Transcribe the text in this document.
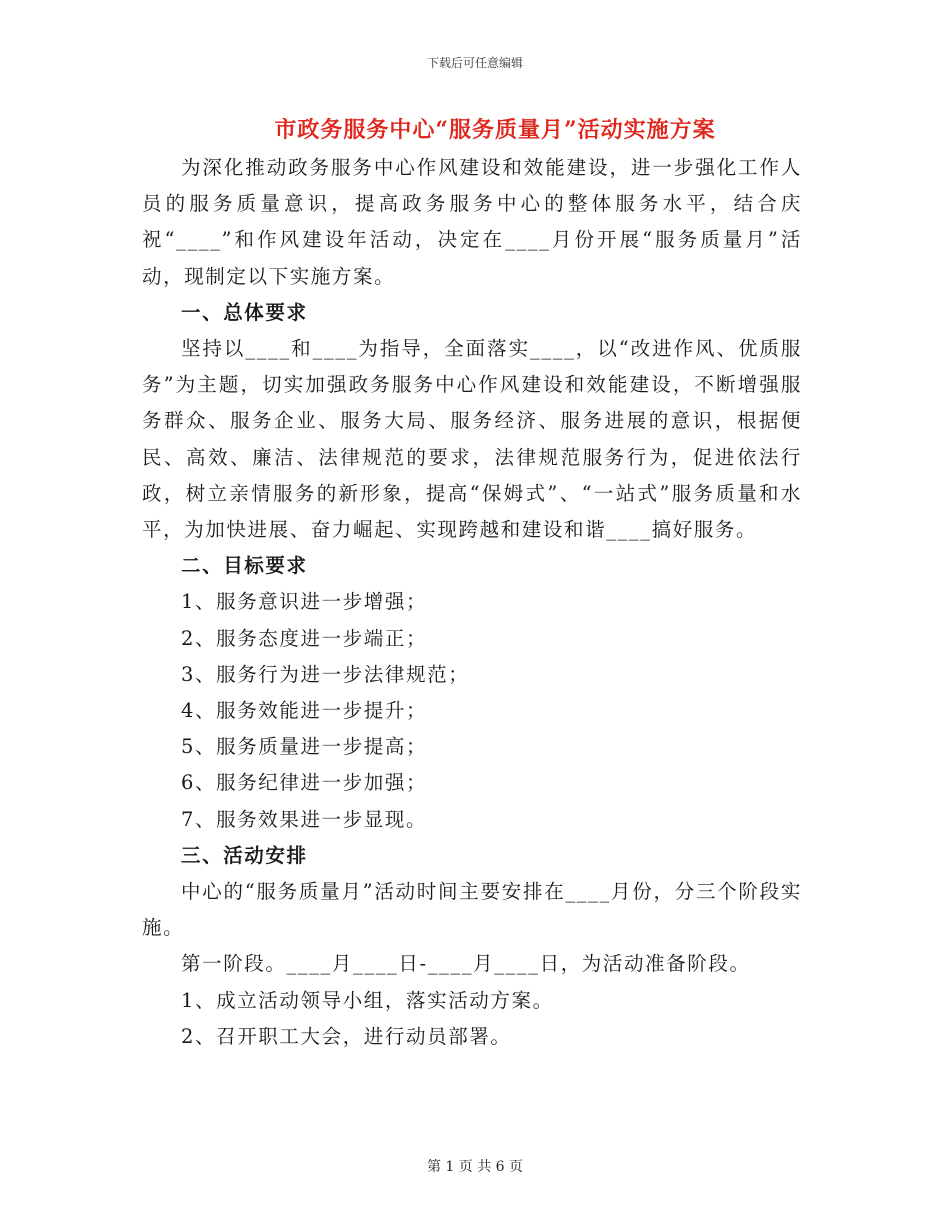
下载后可任意编辑
市政务服务中心“服务质量月”活动实施方案

为深化推动政务服务中心作风建设和效能建设，进一步强化工作人员的服务质量意识，提高政务服务中心的整体服务水平，结合庆祝“____”和作风建设年活动，决定在____月份开展“服务质量月”活动，现制定以下实施方案。

一、总体要求

坚持以____和____为指导，全面落实____，以“改进作风、优质服务”为主题，切实加强政务服务中心作风建设和效能建设，不断增强服务群众、服务企业、服务大局、服务经济、服务进展的意识，根据便民、高效、廉洁、法律规范的要求，法律规范服务行为，促进依法行政，树立亲情服务的新形象，提高“保姆式”、“一站式”服务质量和水平，为加快进展、奋力崛起、实现跨越和建设和谐____搞好服务。

二、目标要求

1、服务意识进一步增强；

2、服务态度进一步端正；

3、服务行为进一步法律规范；

4、服务效能进一步提升；

5、服务质量进一步提高；

6、服务纪律进一步加强；

7、服务效果进一步显现。

三、活动安排

中心的“服务质量月”活动时间主要安排在____月份，分三个阶段实施。

第一阶段。____月____日-____月____日，为活动准备阶段。

1、成立活动领导小组，落实活动方案。

2、召开职工大会，进行动员部署。

第 1 页 共 6 页
